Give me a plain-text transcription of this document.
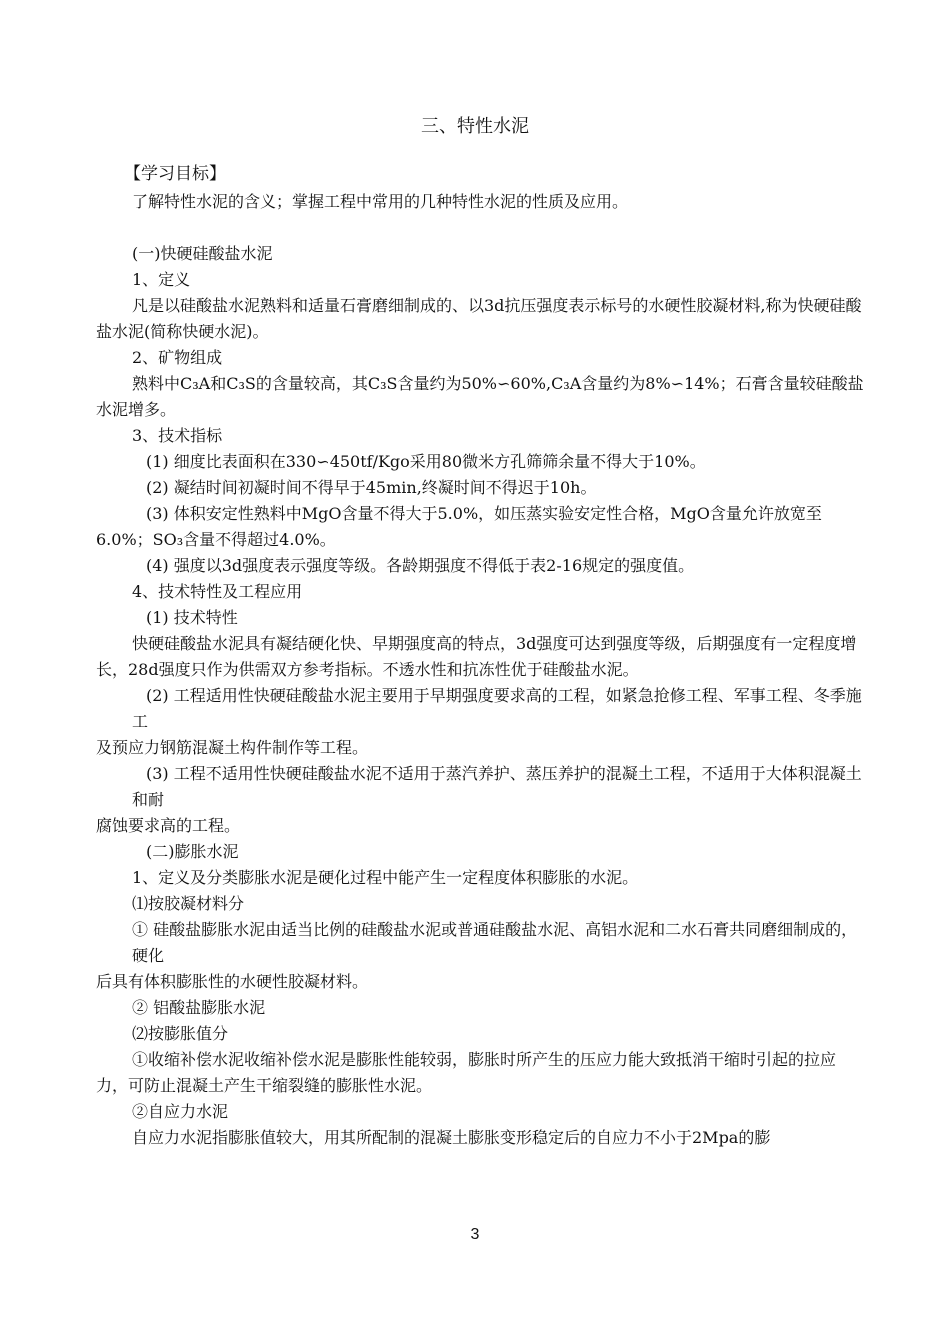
三、特性水泥

【学习目标】

了解特性水泥的含义；掌握工程中常用的几种特性水泥的性质及应用。

(一)快硬硅酸盐水泥

1、定义

凡是以硅酸盐水泥熟料和适量石膏磨细制成的、以3d抗压强度表示标号的水硬性胶凝材料,称为快硬硅酸盐水泥(简称快硬水泥)。

2、矿物组成

熟料中C₃A和C₃S的含量较高，其C₃S含量约为50%∽60%,C₃A含量约为8%∽14%；石膏含量较硅酸盐水泥增多。

3、技术指标

(1) 细度比表面积在330∽450tf/Kgo采用80微米方孔筛筛余量不得大于10%。

(2) 凝结时间初凝时间不得早于45min,终凝时间不得迟于10h。

(3) 体积安定性熟料中MgO含量不得大于5.0%，如压蒸实验安定性合格，MgO含量允许放宽至6.0%；SO₃含量不得超过4.0%。

(4) 强度以3d强度表示强度等级。各龄期强度不得低于表2-16规定的强度值。

4、技术特性及工程应用

(1) 技术特性

快硬硅酸盐水泥具有凝结硬化快、早期强度高的特点，3d强度可达到强度等级，后期强度有一定程度增长，28d强度只作为供需双方参考指标。不透水性和抗冻性优于硅酸盐水泥。

(2) 工程适用性快硬硅酸盐水泥主要用于早期强度要求高的工程，如紧急抢修工程、军事工程、冬季施工

及预应力钢筋混凝土构件制作等工程。

(3) 工程不适用性快硬硅酸盐水泥不适用于蒸汽养护、蒸压养护的混凝土工程，不适用于大体积混凝土和耐

腐蚀要求高的工程。

(二)膨胀水泥

1、定义及分类膨胀水泥是硬化过程中能产生一定程度体积膨胀的水泥。

⑴按胶凝材料分

① 硅酸盐膨胀水泥由适当比例的硅酸盐水泥或普通硅酸盐水泥、高铝水泥和二水石膏共同磨细制成的，硬化

后具有体积膨胀性的水硬性胶凝材料。

② 铝酸盐膨胀水泥

⑵按膨胀值分

①收缩补偿水泥收缩补偿水泥是膨胀性能较弱，膨胀时所产生的压应力能大致抵消干缩时引起的拉应力，可防止混凝土产生干缩裂缝的膨胀性水泥。

②自应力水泥

自应力水泥指膨胀值较大，用其所配制的混凝土膨胀变形稳定后的自应力不小于2Mpa的膨

3
